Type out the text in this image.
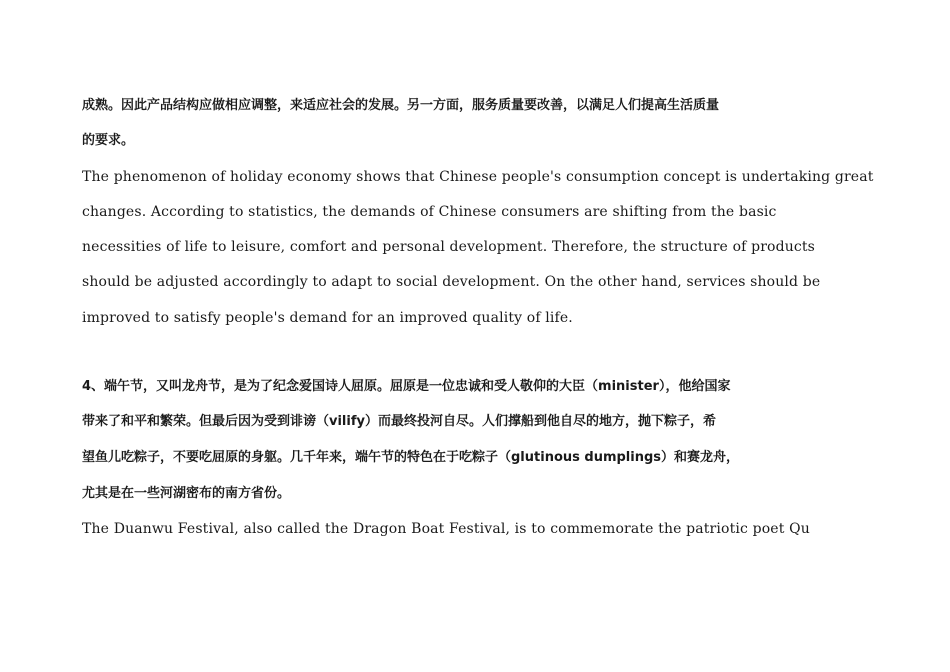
成熟。因此产品结构应做相应调整，来适应社会的发展。另一方面，服务质量要改善，以满足人们提高生活质量
的要求。
The phenomenon of holiday economy shows that Chinese people's consumption concept is undertaking great
changes. According to statistics, the demands of Chinese consumers are shifting from the basic
necessities of life to leisure, comfort and personal development. Therefore, the structure of products
should be adjusted accordingly to adapt to social development. On the other hand, services should be
improved to satisfy people's demand for an improved quality of life.
4、端午节，又叫龙舟节，是为了纪念爱国诗人屈原。屈原是一位忠诚和受人敬仰的大臣（minister），他给国家
带来了和平和繁荣。但最后因为受到诽谤（vilify）而最终投河自尽。人们撑船到他自尽的地方，抛下粽子，希
望鱼儿吃粽子，不要吃屈原的身躯。几千年来，端午节的特色在于吃粽子（glutinous dumplings）和赛龙舟，
尤其是在一些河湖密布的南方省份。
The Duanwu Festival, also called the Dragon Boat Festival, is to commemorate the patriotic poet Qu
